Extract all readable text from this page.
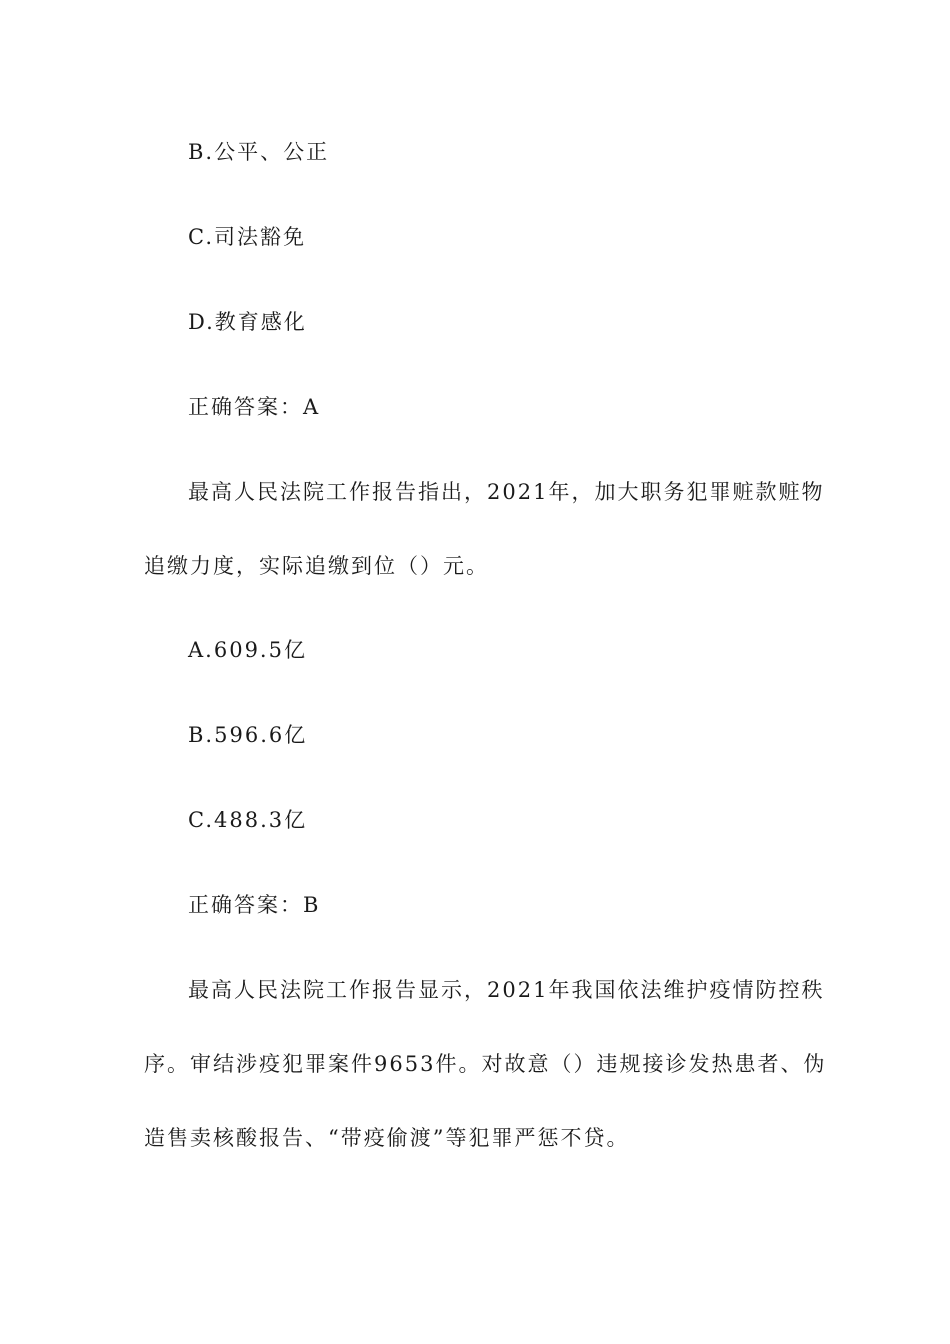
B.公平、公正
C.司法豁免
D.教育感化
正确答案：A
最高人民法院工作报告指出，2021年，加大职务犯罪赃款赃物
追缴力度，实际追缴到位（）元。
A.609.5亿
B.596.6亿
C.488.3亿
正确答案：B
最高人民法院工作报告显示，2021年我国依法维护疫情防控秩
序。审结涉疫犯罪案件9653件。对故意（）违规接诊发热患者、伪
造售卖核酸报告、“带疫偷渡”等犯罪严惩不贷。
